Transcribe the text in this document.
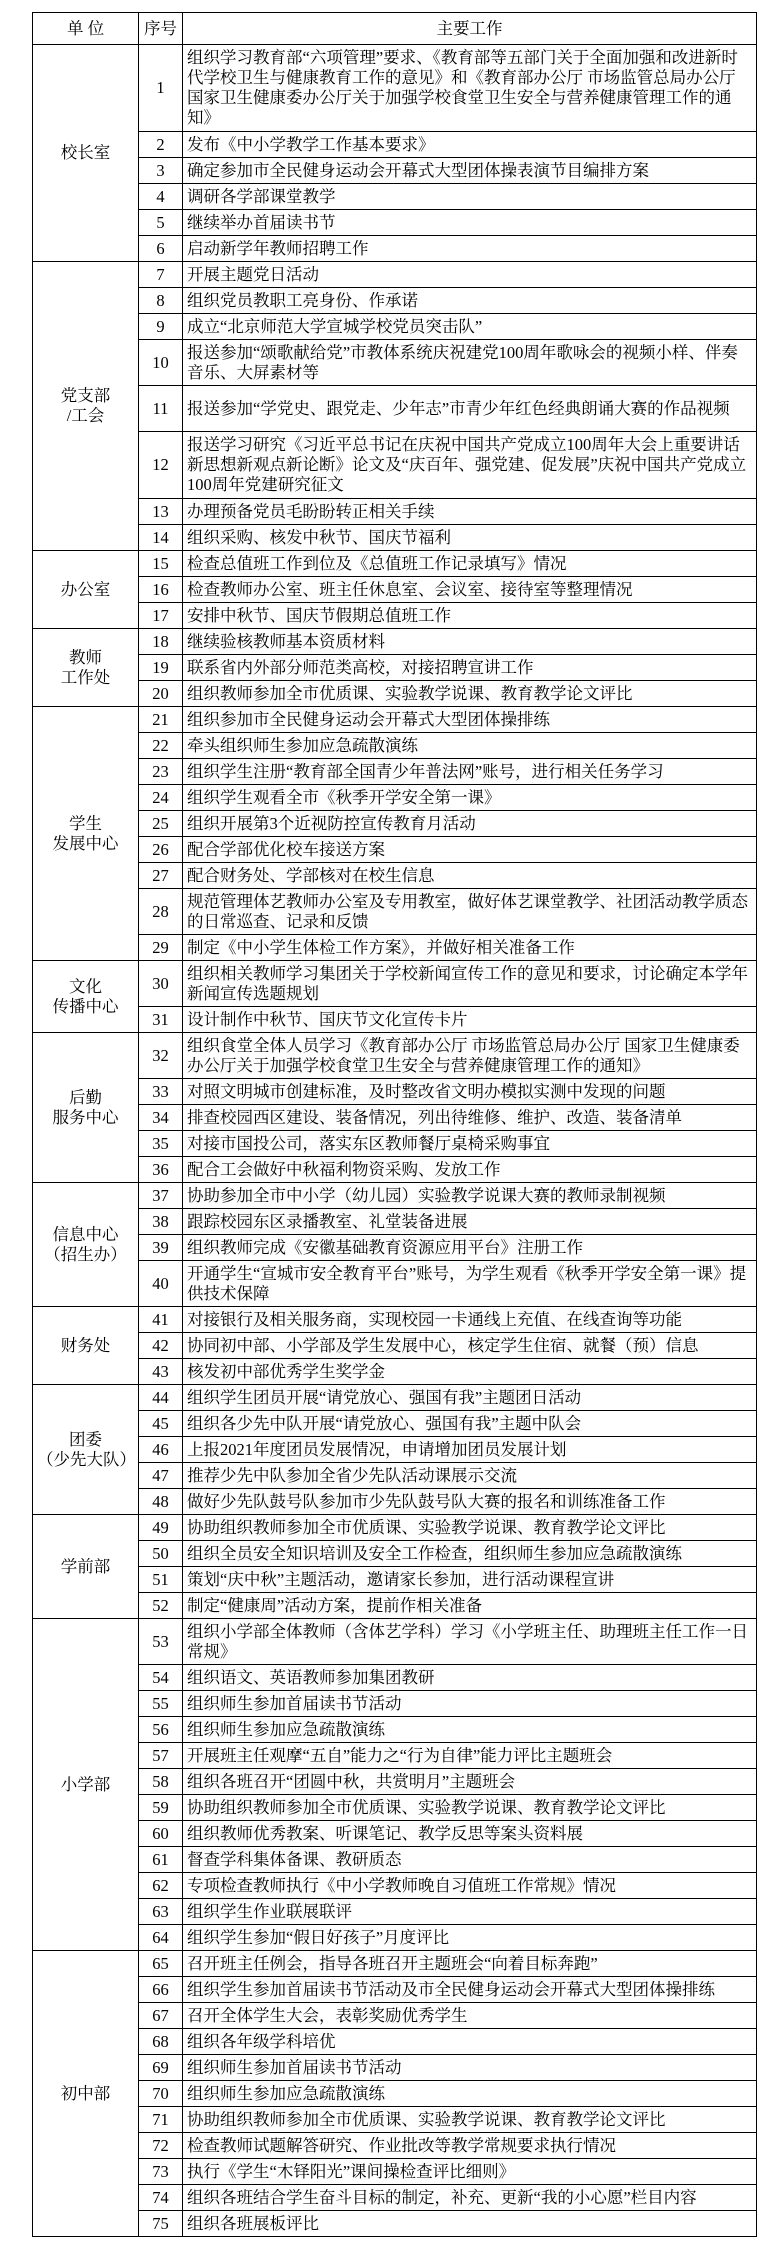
单 位	序号	主要工作
校长室	1	组织学习教育部“六项管理”要求、《教育部等五部门关于全面加强和改进新时代学校卫生与健康教育工作的意见》和《教育部办公厅 市场监管总局办公厅 国家卫生健康委办公厅关于加强学校食堂卫生安全与营养健康管理工作的通知》
	2	发布《中小学教学工作基本要求》
	3	确定参加市全民健身运动会开幕式大型团体操表演节目编排方案
	4	调研各学部课堂教学
	5	继续举办首届读书节
	6	启动新学年教师招聘工作
党支部
/工会	7	开展主题党日活动
	8	组织党员教职工亮身份、作承诺
	9	成立“北京师范大学宣城学校党员突击队”
	10	报送参加“颂歌献给党”市教体系统庆祝建党100周年歌咏会的视频小样、伴奏音乐、大屏素材等
	11	报送参加“学党史、跟党走、少年志”市青少年红色经典朗诵大赛的作品视频
	12	报送学习研究《习近平总书记在庆祝中国共产党成立100周年大会上重要讲话新思想新观点新论断》论文及“庆百年、强党建、促发展”庆祝中国共产党成立100周年党建研究征文
	13	办理预备党员毛盼盼转正相关手续
	14	组织采购、核发中秋节、国庆节福利
办公室	15	检查总值班工作到位及《总值班工作记录填写》情况
	16	检查教师办公室、班主任休息室、会议室、接待室等整理情况
	17	安排中秋节、国庆节假期总值班工作
教师
工作处	18	继续验核教师基本资质材料
	19	联系省内外部分师范类高校，对接招聘宣讲工作
	20	组织教师参加全市优质课、实验教学说课、教育教学论文评比
学生
发展中心	21	组织参加市全民健身运动会开幕式大型团体操排练
	22	牵头组织师生参加应急疏散演练
	23	组织学生注册“教育部全国青少年普法网”账号，进行相关任务学习
	24	组织学生观看全市《秋季开学安全第一课》
	25	组织开展第3个近视防控宣传教育月活动
	26	配合学部优化校车接送方案
	27	配合财务处、学部核对在校生信息
	28	规范管理体艺教师办公室及专用教室，做好体艺课堂教学、社团活动教学质态的日常巡查、记录和反馈
	29	制定《中小学生体检工作方案》，并做好相关准备工作
文化
传播中心	30	组织相关教师学习集团关于学校新闻宣传工作的意见和要求，讨论确定本学年新闻宣传选题规划
	31	设计制作中秋节、国庆节文化宣传卡片
后勤
服务中心	32	组织食堂全体人员学习《教育部办公厅 市场监管总局办公厅 国家卫生健康委办公厅关于加强学校食堂卫生安全与营养健康管理工作的通知》
	33	对照文明城市创建标准，及时整改省文明办模拟实测中发现的问题
	34	排查校园西区建设、装备情况，列出待维修、维护、改造、装备清单
	35	对接市国投公司，落实东区教师餐厅桌椅采购事宜
	36	配合工会做好中秋福利物资采购、发放工作
信息中心
（招生办）	37	协助参加全市中小学（幼儿园）实验教学说课大赛的教师录制视频
	38	跟踪校园东区录播教室、礼堂装备进展
	39	组织教师完成《安徽基础教育资源应用平台》注册工作
	40	开通学生“宣城市安全教育平台”账号，为学生观看《秋季开学安全第一课》提供技术保障
财务处	41	对接银行及相关服务商，实现校园一卡通线上充值、在线查询等功能
	42	协同初中部、小学部及学生发展中心，核定学生住宿、就餐（预）信息
	43	核发初中部优秀学生奖学金
团委
（少先大队）	44	组织学生团员开展“请党放心、强国有我”主题团日活动
	45	组织各少先中队开展“请党放心、强国有我”主题中队会
	46	上报2021年度团员发展情况，申请增加团员发展计划
	47	推荐少先中队参加全省少先队活动课展示交流
	48	做好少先队鼓号队参加市少先队鼓号队大赛的报名和训练准备工作
学前部	49	协助组织教师参加全市优质课、实验教学说课、教育教学论文评比
	50	组织全员安全知识培训及安全工作检查，组织师生参加应急疏散演练
	51	策划“庆中秋”主题活动，邀请家长参加，进行活动课程宣讲
	52	制定“健康周”活动方案，提前作相关准备
小学部	53	组织小学部全体教师（含体艺学科）学习《小学班主任、助理班主任工作一日常规》
	54	组织语文、英语教师参加集团教研
	55	组织师生参加首届读书节活动
	56	组织师生参加应急疏散演练
	57	开展班主任观摩“五自”能力之“行为自律”能力评比主题班会
	58	组织各班召开“团圆中秋，共赏明月”主题班会
	59	协助组织教师参加全市优质课、实验教学说课、教育教学论文评比
	60	组织教师优秀教案、听课笔记、教学反思等案头资料展
	61	督查学科集体备课、教研质态
	62	专项检查教师执行《中小学教师晚自习值班工作常规》情况
	63	组织学生作业联展联评
	64	组织学生参加“假日好孩子”月度评比
初中部	65	召开班主任例会，指导各班召开主题班会“向着目标奔跑”
	66	组织学生参加首届读书节活动及市全民健身运动会开幕式大型团体操排练
	67	召开全体学生大会，表彰奖励优秀学生
	68	组织各年级学科培优
	69	组织师生参加首届读书节活动
	70	组织师生参加应急疏散演练
	71	协助组织教师参加全市优质课、实验教学说课、教育教学论文评比
	72	检查教师试题解答研究、作业批改等教学常规要求执行情况
	73	执行《学生“木铎阳光”课间操检查评比细则》
	74	组织各班结合学生奋斗目标的制定，补充、更新“我的小心愿”栏目内容
	75	组织各班展板评比
